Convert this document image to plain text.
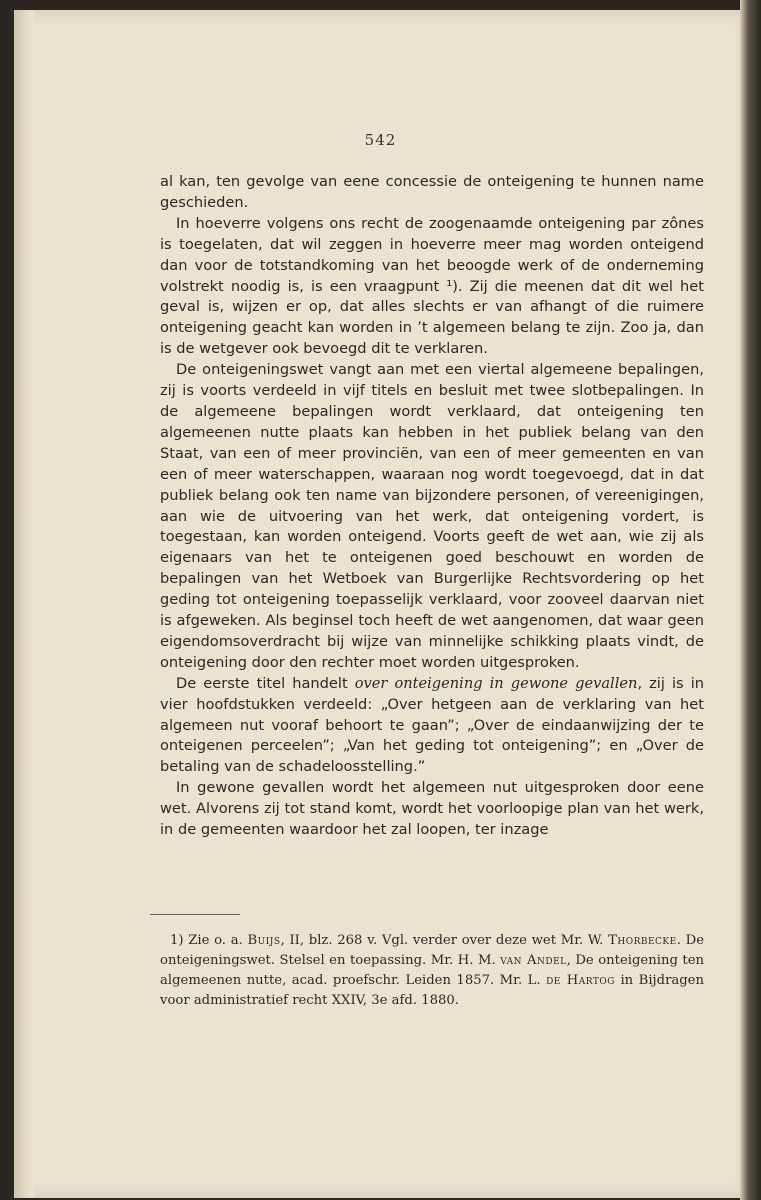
542

al kan, ten gevolge van eene concessie de onteigening te hunnen name geschieden.

In hoeverre volgens ons recht de zoogenaamde onteigening par zônes is toegelaten, dat wil zeggen in hoeverre meer mag worden onteigend dan voor de totstandkoming van het beoogde werk of de onderneming volstrekt noodig is, is een vraagpunt ¹). Zij die meenen dat dit wel het geval is, wijzen er op, dat alles slechts er van afhangt of die ruimere onteigening geacht kan worden in ’t algemeen belang te zijn. Zoo ja, dan is de wetgever ook bevoegd dit te verklaren.

De onteigeningswet vangt aan met een viertal algemeene bepalingen, zij is voorts verdeeld in vijf titels en besluit met twee slotbepalingen. In de algemeene bepalingen wordt verklaard, dat onteigening ten algemeenen nutte plaats kan hebben in het publiek belang van den Staat, van een of meer provinciën, van een of meer gemeenten en van een of meer waterschappen, waaraan nog wordt toegevoegd, dat in dat publiek belang ook ten name van bijzondere personen, of vereenigingen, aan wie de uitvoering van het werk, dat onteigening vordert, is toegestaan, kan worden onteigend. Voorts geeft de wet aan, wie zij als eigenaars van het te onteigenen goed beschouwt en worden de bepalingen van het Wetboek van Burgerlijke Rechtsvordering op het geding tot onteigening toepasselijk verklaard, voor zooveel daarvan niet is afgeweken. Als beginsel toch heeft de wet aangenomen, dat waar geen eigendomsoverdracht bij wijze van minnelijke schikking plaats vindt, de onteigening door den rechter moet worden uitgesproken.

De eerste titel handelt over onteigening in gewone gevallen, zij is in vier hoofdstukken verdeeld: „Over hetgeen aan de verklaring van het algemeen nut vooraf behoort te gaan”; „Over de eindaanwijzing der te onteigenen perceelen”; „Van het geding tot onteigening”; en „Over de betaling van de schadeloosstelling.”

In gewone gevallen wordt het algemeen nut uitgesproken door eene wet. Alvorens zij tot stand komt, wordt het voorloopige plan van het werk, in de gemeenten waardoor het zal loopen, ter inzage

1) Zie o. a. Buijs, II, blz. 268 v. Vgl. verder over deze wet Mr. W. Thorbecke. De onteigeningswet. Stelsel en toepassing. Mr. H. M. van Andel, De onteigening ten algemeenen nutte, acad. proefschr. Leiden 1857. Mr. L. de Hartog in Bijdragen voor administratief recht XXIV, 3e afd. 1880.
